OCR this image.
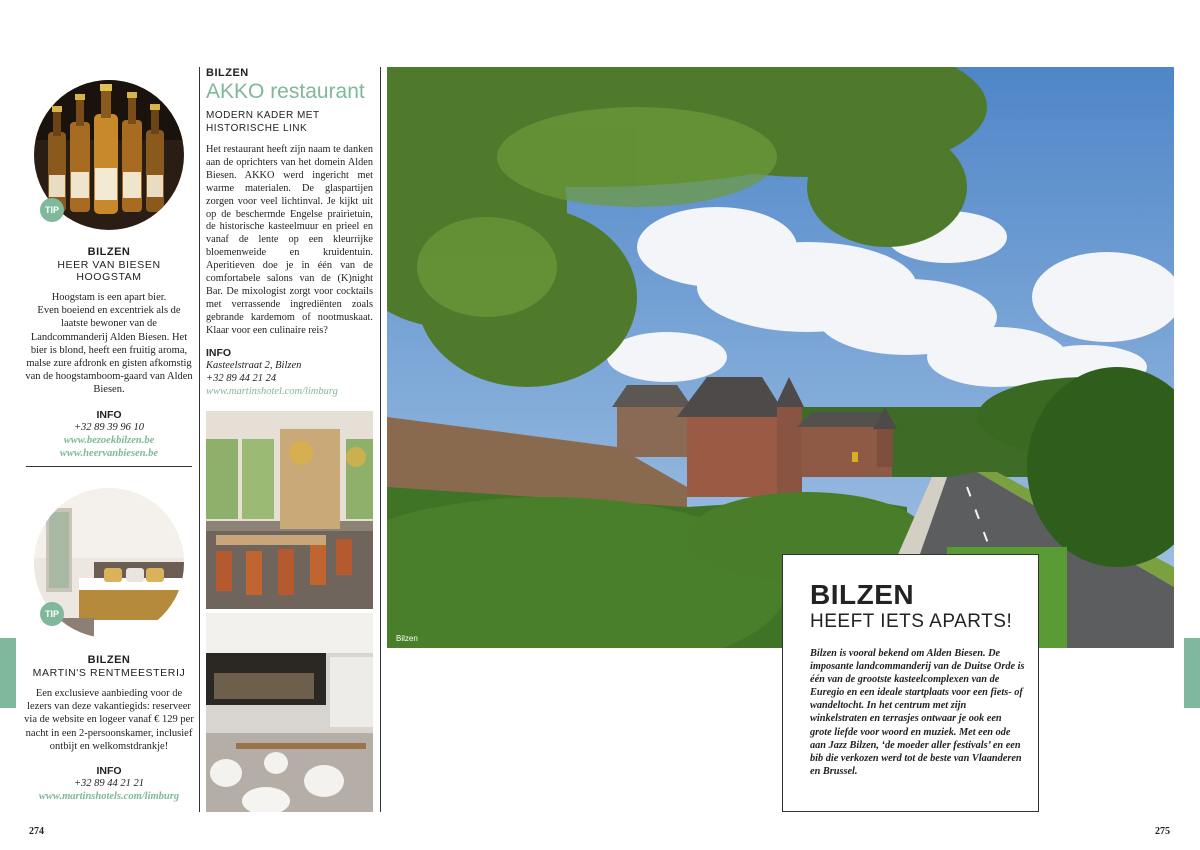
TIP
BILZEN
HEER VAN BIESEN HOOGSTAM
Hoogstam is een apart bier.
Even boeiend en excentriek als de laatste bewoner van de Landcommanderij Alden Biesen. Het bier is blond, heeft een fruitig aroma, malse zure afdronk en gisten afkomstig van de hoogstamboom-gaard van Alden Biesen.
INFO
+32 89 39 96 10
www.bezoekbilzen.be
www.heervanbiesen.be
TIP
BILZEN
MARTIN'S RENTMEESTERIJ
Een exclusieve aanbieding voor de lezers van deze vakantiegids: reserveer via de website en logeer vanaf € 129 per nacht in een 2-persoonskamer, inclusief ontbijt en welkomstdrankje!
INFO
+32 89 44 21 21
www.martinshotels.com/limburg
BILZEN
AKKO restaurant
MODERN KADER MET HISTORISCHE LINK
Het restaurant heeft zijn naam te danken aan de oprichters van het domein Alden Biesen. AKKO werd ingericht met warme materialen. De glaspartijen zorgen voor veel lichtinval. Je kijkt uit op de beschermde Engelse prairietuin, de historische kasteelmuur en prieel en vanaf de lente op een kleurrijke bloemenweide en kruidentuin. Aperitieven doe je in één van de comfortabele salons van de (K)night Bar. De mixologist zorgt voor cocktails met verrassende ingrediënten zoals gebrande kardemom of nootmuskaat. Klaar voor een culinaire reis?
INFO
Kasteelstraat 2, Bilzen
+32 89 44 21 24
www.martinshotel.com/limburg
Bilzen
BILZEN
HEEFT IETS APARTS!
Bilzen is vooral bekend om Alden Biesen. De imposante landcommanderij van de Duitse Orde is één van de grootste kasteelcomplexen van de Euregio en een ideale startplaats voor een fiets- of wandeltocht. In het centrum met zijn winkelstraten en terrasjes ontwaar je ook een grote liefde voor woord en muziek. Met een ode aan Jazz Bilzen, ‘de moeder aller festivals’ en een bib die verkozen werd tot de beste van Vlaanderen en Brussel.
274	275
